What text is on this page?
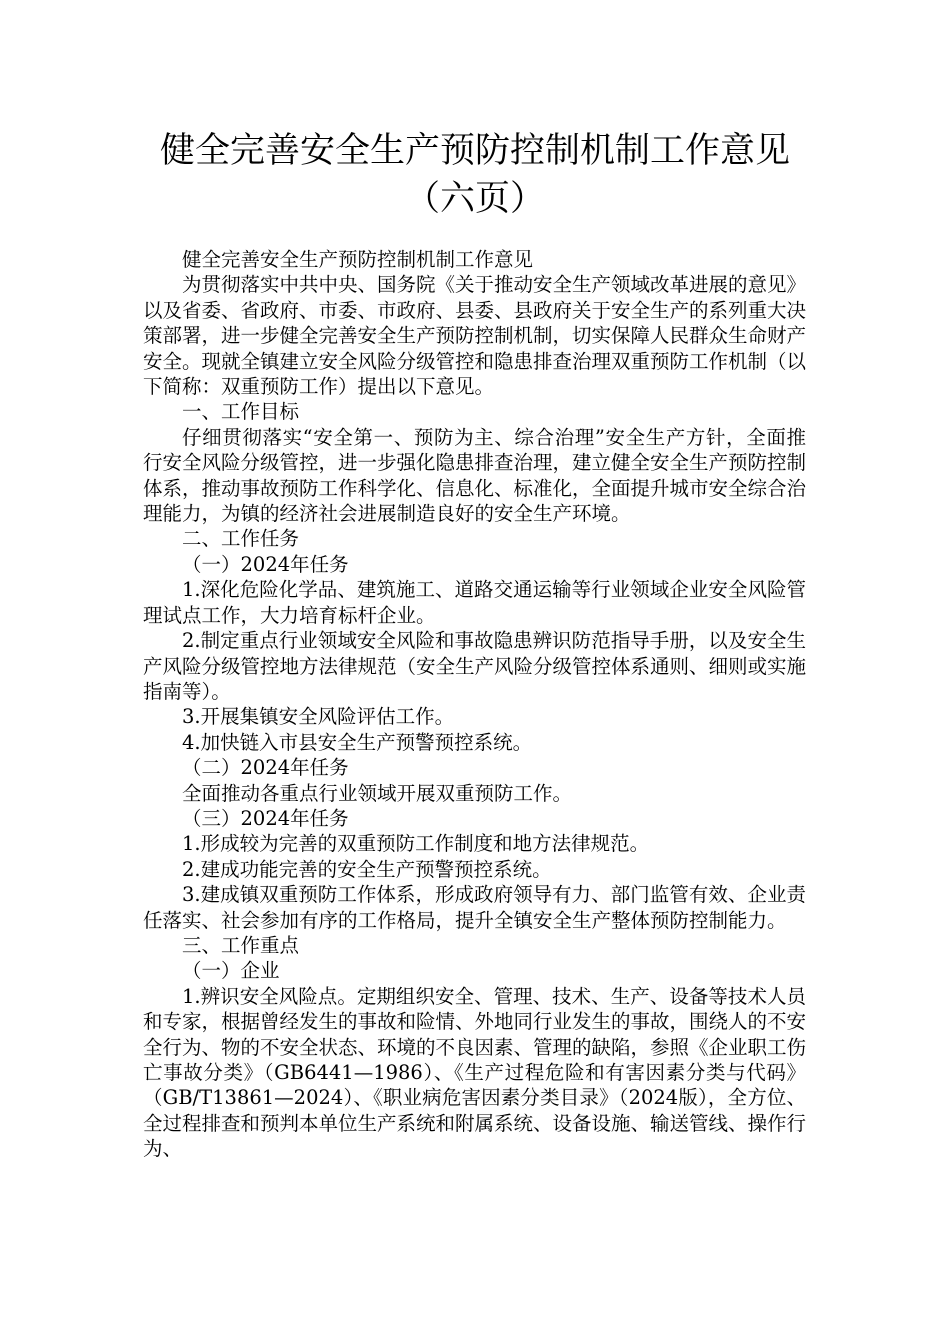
健全完善安全生产预防控制机制工作意见
（六页）

健全完善安全生产预防控制机制工作意见

为贯彻落实中共中央、国务院《关于推动安全生产领域改革进展的意见》以及省委、省政府、市委、市政府、县委、县政府关于安全生产的系列重大决策部署，进一步健全完善安全生产预防控制机制，切实保障人民群众生命财产安全。现就全镇建立安全风险分级管控和隐患排查治理双重预防工作机制（以下简称：双重预防工作）提出以下意见。

一、工作目标

仔细贯彻落实“安全第一、预防为主、综合治理”安全生产方针，全面推行安全风险分级管控，进一步强化隐患排查治理，建立健全安全生产预防控制体系，推动事故预防工作科学化、信息化、标准化，全面提升城市安全综合治理能力，为镇的经济社会进展制造良好的安全生产环境。

二、工作任务

（一）2024年任务

1.深化危险化学品、建筑施工、道路交通运输等行业领域企业安全风险管理试点工作，大力培育标杆企业。

2.制定重点行业领域安全风险和事故隐患辨识防范指导手册，以及安全生产风险分级管控地方法律规范（安全生产风险分级管控体系通则、细则或实施指南等）。

3.开展集镇安全风险评估工作。

4.加快链入市县安全生产预警预控系统。

（二）2024年任务

全面推动各重点行业领域开展双重预防工作。

（三）2024年任务

1.形成较为完善的双重预防工作制度和地方法律规范。

2.建成功能完善的安全生产预警预控系统。

3.建成镇双重预防工作体系，形成政府领导有力、部门监管有效、企业责任落实、社会参加有序的工作格局，提升全镇安全生产整体预防控制能力。

三、工作重点

（一）企业

1.辨识安全风险点。定期组织安全、管理、技术、生产、设备等技术人员和专家，根据曾经发生的事故和险情、外地同行业发生的事故，围绕人的不安全行为、物的不安全状态、环境的不良因素、管理的缺陷，参照《企业职工伤亡事故分类》（GB6441—1986）、《生产过程危险和有害因素分类与代码》（GB/T13861—2024）、《职业病危害因素分类目录》（2024版），全方位、全过程排查和预判本单位生产系统和附属系统、设备设施、输送管线、操作行为、
